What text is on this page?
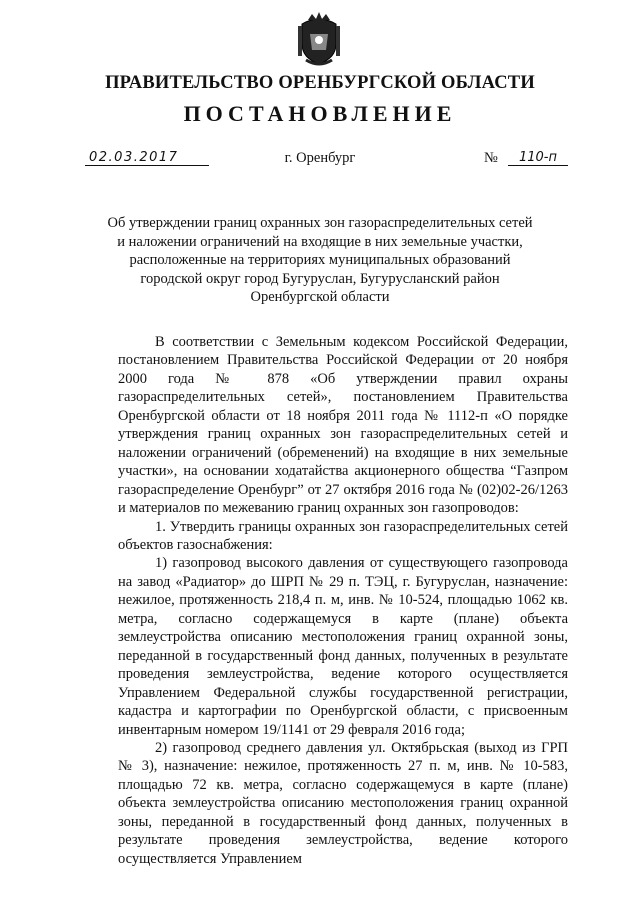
ПРАВИТЕЛЬСТВО ОРЕНБУРГСКОЙ ОБЛАСТИ
ПОСТАНОВЛЕНИЕ
02.03.2017	г. Оренбург	№	110-п
Об утверждении границ охранных зон газораспределительных сетей
и наложении ограничений на входящие в них земельные участки,
расположенные на территориях муниципальных образований
городской округ город Бугуруслан, Бугурусланский район
Оренбургской области

В соответствии с Земельным кодексом Российской Федерации, постановлением Правительства Российской Федерации от 20 ноября 2000 года № 878 «Об утверждении правил охраны газораспределительных сетей», постановлением Правительства Оренбургской области от 18 ноября 2011 года № 1112-п «О порядке утверждения границ охранных зон газораспределительных сетей и наложении ограничений (обременений) на входящие в них земельные участки», на основании ходатайства акционерного общества “Газпром газораспределение Оренбург” от 27 октября 2016 года № (02)02-26/1263 и материалов по межеванию границ охранных зон газопроводов:

1. Утвердить границы охранных зон газораспределительных сетей объектов газоснабжения:

1) газопровод высокого давления от существующего газопровода на завод «Радиатор» до ШРП № 29 п. ТЭЦ, г. Бугуруслан, назначение: нежилое, протяженность 218,4 п. м, инв. № 10-524, площадью 1062 кв. метра, согласно содержащемуся в карте (плане) объекта землеустройства описанию местоположения границ охранной зоны, переданной в государственный фонд данных, полученных в результате проведения землеустройства, ведение которого осуществляется Управлением Федеральной службы государственной регистрации, кадастра и картографии по Оренбургской области, с присвоенным инвентарным номером 19/1141 от 29 февраля 2016 года;

2) газопровод среднего давления ул. Октябрьская (выход из ГРП № 3), назначение: нежилое, протяженность 27 п. м, инв. № 10-583, площадью 72 кв. метра, согласно содержащемуся в карте (плане) объекта землеустройства описанию местоположения границ охранной зоны, переданной в государственный фонд данных, полученных в результате проведения землеустройства, ведение которого осуществляется Управлением
